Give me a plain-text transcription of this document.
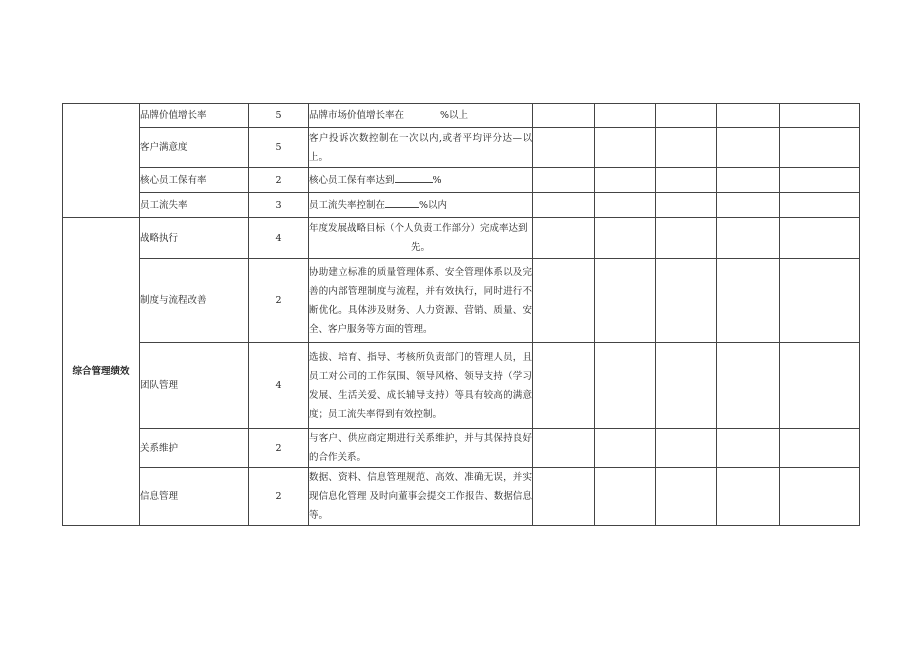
	品牌价值增长率	5	品牌市场价值增长率在 %以上					
	客户满意度	5	客户投诉次数控制在一次以内,或者平均评分达—以上。					
	核心员工保有率	2	核心员工保有率达到 %					
	员工流失率	3	员工流失率控制在 %以内					
综合管理绩效	战略执行	4	年度发展战略目标（个人负责工作部分）完成率达到
先。					

	制度与流程改善	2	协助建立标准的质量管理体系、安全管理体系以及完善的内部管理制度与流程，并有效执行，同时进行不断优化。具体涉及财务、人力资源、营销、质量、安全、客户服务等方面的管理。					
	团队管理	4	选拔、培育、指导、考核所负责部门的管理人员，且员工对公司的工作氛围、领导风格、领导支持（学习发展、生活关爱、成长辅导支持）等具有较高的满意度；员工流失率得到有效控制。					
	关系维护	2	与客户、供应商定期进行关系维护，并与其保持良好的合作关系。					
	信息管理	2	数据、资料、信息管理规范、高效、准确无误，并实现信息化管理 及时向董事会提交工作报告、数据信息等。					
